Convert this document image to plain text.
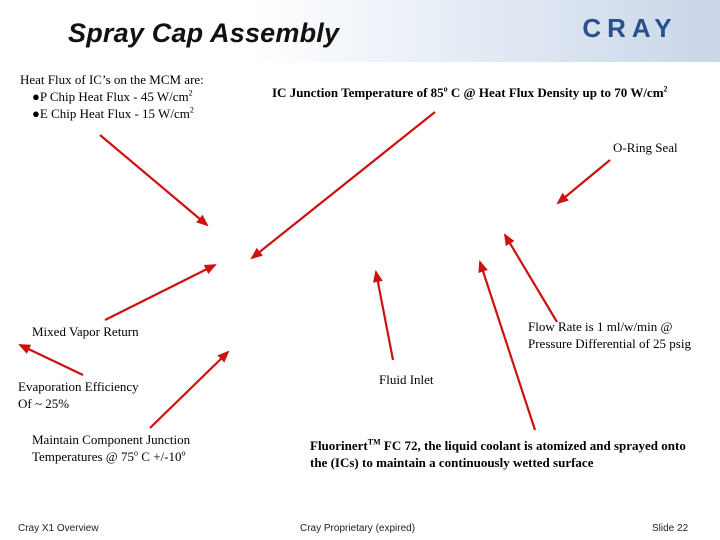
Spray Cap Assembly	CRAY
Heat Flux of IC’s on the MCM are:
●P Chip Heat Flux - 45 $W/cm^2$
●E Chip Heat Flux - 15 $W/cm^2$
IC Junction Temperature of 85$^o$ C @ Heat Flux Density up to 70 $W/cm^2$
O-Ring Seal
Mixed Vapor Return	Flow Rate is 1 ml/w/min @
Pressure Differential of 25 psig
Evaporation Efficiency
Of ~ 25%
Fluid Inlet
Maintain Component Junction
Temperatures @ 75$^o$ $C +/-10^o$
Fluorinert™ FC 72, the liquid coolant is atomized and sprayed onto
the (ICs) to maintain a continuously wetted surface
Cray X1 Overview	Cray Proprietary (expired)	Slide 22
